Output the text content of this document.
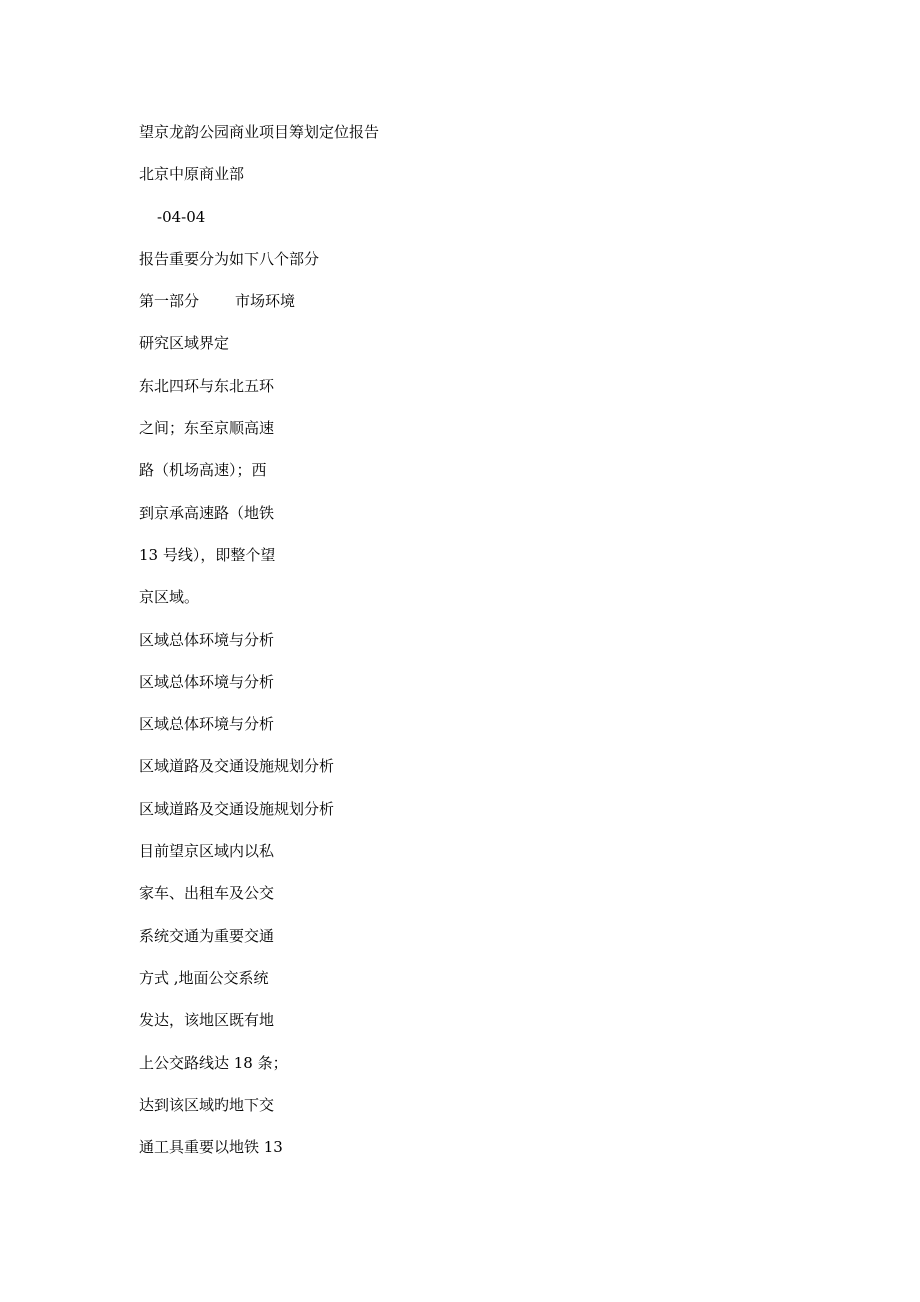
望京龙韵公园商业项目筹划定位报告
北京中原商业部
-04-04
报告重要分为如下八个部分
第一部分 市场环境
研究区域界定
东北四环与东北五环
之间；东至京顺高速
路（机场高速）；西
到京承高速路（地铁
13 号线），即整个望
京区域。
区域总体环境与分析
区域总体环境与分析
区域总体环境与分析
区域道路及交通设施规划分析
区域道路及交通设施规划分析
目前望京区域内以私
家车、出租车及公交
系统交通为重要交通
方式 ,地面公交系统
发达，该地区既有地
上公交路线达 18 条；
达到该区域旳地下交
通工具重要以地铁 13
